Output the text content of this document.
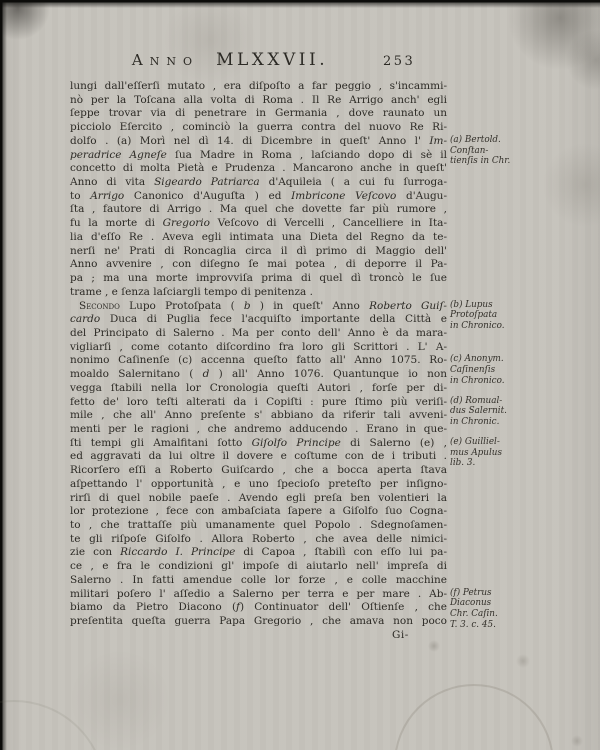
Anno MLXXVII.	253
lungi dall'eſſerſi mutato , era diſpoſto a far peggio , s'incammi-
nò per la Toſcana alla volta di Roma . Il Re Arrigo anch' egli
ſeppe trovar via di penetrare in Germania , dove raunato un
picciolo Eſercito , cominciò la guerra contra del nuovo Re Ri-
dolfo . (a) Morì nel dì 14. di Dicembre in queſt' Anno l' Im-
peradrice Agneſe ſua Madre in Roma , laſciando dopo di sè il
concetto di molta Pietà e Prudenza . Mancarono anche in queſt'
Anno di vita Sigeardo Patriarca d'Aquileia ( a cui fu ſurroga-
to Arrigo Canonico d'Auguſta ) ed Imbricone Veſcovo d'Augu-
ſta , fautore di Arrigo . Ma quel che dovette far più rumore ,
fu la morte di Gregorio Veſcovo di Vercelli , Cancelliere in Ita-
lia d'eſſo Re . Aveva egli intimata una Dieta del Regno da te-
nerſi ne' Prati di Roncaglia circa il dì primo di Maggio dell'
Anno avvenire , con diſegno ſe mai potea , di deporre il Pa-
pa ; ma una morte improvviſa prima di quel dì troncò le ſue
trame , e ſenza laſciargli tempo di penitenza .
Secondo Lupo Protoſpata ( b ) in queſt' Anno Roberto Guiſ-
cardo Duca di Puglia fece l'acquiſto importante della Città e
del Principato di Salerno . Ma per conto dell' Anno è da mara-
vigliarſi , come cotanto diſcordino fra loro gli Scrittori . L' A-
nonimo Caſinenſe (c) accenna queſto fatto all' Anno 1075. Ro-
moaldo Salernitano ( d ) all' Anno 1076. Quantunque io non
vegga ſtabili nella lor Cronologia queſti Autori , forſe per di-
fetto de' loro teſti alterati da i Copiſti : pure ſtimo più veriſi-
mile , che all' Anno preſente s' abbiano da riferir tali avveni-
menti per le ragioni , che andremo adducendo . Erano in que-
ſti tempi gli Amalfitani ſotto Giſolfo Principe di Salerno (e) ,
ed aggravati da lui oltre il dovere e coſtume con de i tributi .
Ricorſero eſſi a Roberto Guiſcardo , che a bocca aperta ſtava
aſpettando l' opportunità , e uno ſpecioſo preteſto per inſigno-
rirſi di quel nobile paeſe . Avendo egli preſa ben volentieri la
lor protezione , fece con ambaſciata ſapere a Giſolfo ſuo Cogna-
to , che trattaſſe più umanamente quel Popolo . Sdegnoſamen-
te gli riſpoſe Giſolfo . Allora Roberto , che avea delle nimici-
zie con Riccardo I. Principe di Capoa , ſtabilì con eſſo lui pa-
ce , e fra le condizioni gl' impoſe di aiutarlo nell' impreſa di
Salerno . In fatti amendue colle lor forze , e colle macchine
militari poſero l' aſſedio a Salerno per terra e per mare . Ab-
biamo da Pietro Diacono (f) Continuator dell' Oſtienſe , che
preſentita queſta guerra Papa Gregorio , che amava non poco
(a) Bertold.
Conſtan-
tienſis in Chr.
(b) Lupus
Protoſpata
in Chronico.
(c) Anonym.
Caſinenſis
in Chronico.
(d) Romual-
dus Salernit.
in Chronic.
(e) Guilliel-
mus Apulus
lib. 3.
(f) Petrus
Diaconus
Chr. Caſin.
T. 3. c. 45.
Gi-
